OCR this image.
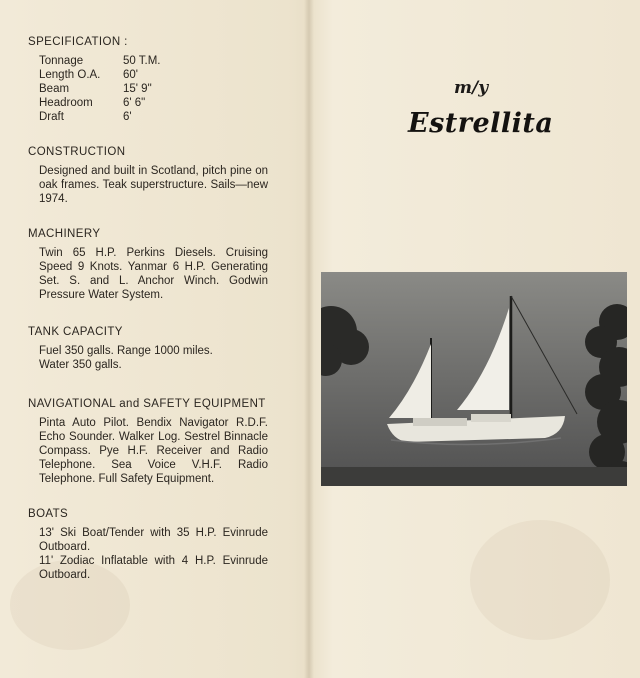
SPECIFICATION :
Tonnage	50 T.M.
Length O.A.	60'
Beam	15' 9"
Headroom	6' 6"
Draft	6'
CONSTRUCTION

Designed and built in Scotland, pitch pine on oak frames. Teak superstructure. Sails—new 1974.

MACHINERY

Twin 65 H.P. Perkins Diesels. Cruising Speed 9 Knots. Yanmar 6 H.P. Generating Set. S. and L. Anchor Winch. Godwin Pressure Water System.

TANK CAPACITY

Fuel 350 galls. Range 1000 miles.

Water 350 galls.

NAVIGATIONAL and SAFETY EQUIPMENT

Pinta Auto Pilot. Bendix Navigator R.D.F. Echo Sounder. Walker Log. Sestrel Binnacle Compass. Pye H.F. Receiver and Radio Telephone. Sea Voice V.H.F. Radio Telephone. Full Safety Equipment.

BOATS

13' Ski Boat/Tender with 35 H.P. Evinrude Outboard.

11' Zodiac Inflatable with 4 H.P. Evinrude Outboard.

m/y
Estrellita
